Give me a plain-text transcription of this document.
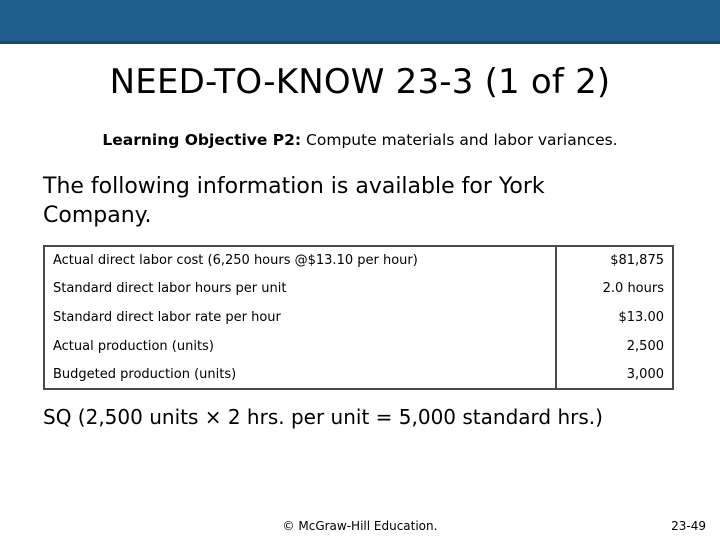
NEED-TO-KNOW 23-3 (1 of 2)
Learning Objective P2: Compute materials and labor variances.
The following information is available for York Company.
Actual direct labor cost (6,250 hours @$13.10 per hour)		$81,875
Standard direct labor hours per unit		2.0 hours
Standard direct labor rate per hour		$13.00
Actual production (units)		2,500
Budgeted production (units)		3,000
SQ (2,500 units × 2 hrs. per unit = 5,000 standard hrs.)
© McGraw-Hill Education.	23-49
